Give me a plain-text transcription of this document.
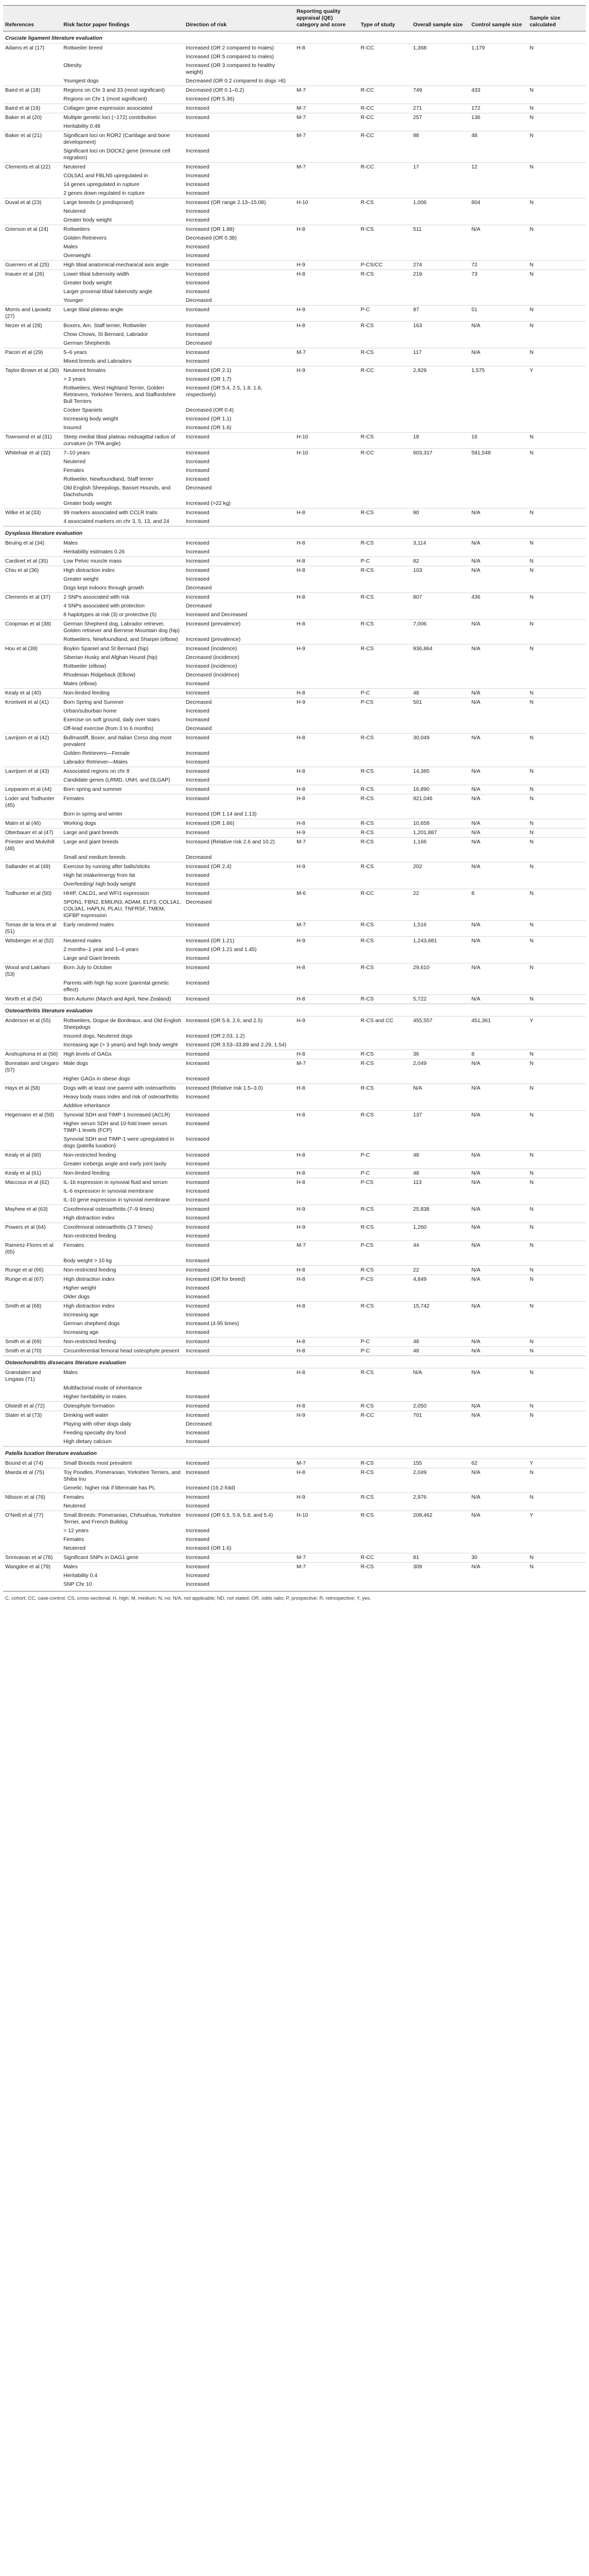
References	Risk factor paper findings	Direction of risk	Reporting quality appraisal (QE) category and score	Type of study	Overall sample size	Control sample size	Sample size calculated
Cruciate ligament literature evaluation							
Adams et al (17)	Rottweiler breed	Increased (OR 2 compared to males)	H-8	R-CC	1,368	1,179	N
		Increased (OR 5 compared to males)					
	Obesity	Increased (OR 3 compared to healthy weight)					
	Youngest dogs	Decreased (OR 0.2 compared to dogs >8)					
Baird et al (18)	Regions on Chr 3 and 33 (most significant)	Decreased (OR 0.1–0.2)	M-7	R-CC	749	433	N
	Regions on Chr 1 (most significant)	Increased (OR 5.36)					
Baird et al (19)	Collagen gene expression associated	Increased	M-7	R-CC	271	172	N
Baker et al (20)	Multiple genetic loci (~172) contribution	Increased	M-7	R-CC	257	136	N
	Heritability 0.48						
Baker et al (21)	Significant loci on ROR2 (Cartilage and bone development)	Increased	M-7	R-CC	98	48	N
	Significant loci on DOCK2 gene (immune cell migration)	Increased					
Clements et al (22)	Neutered	Increased	M-7	R-CC	17	12	N
	COL5A1 and FBLN5 upregulated in	Increased					
	14 genes upregulated in rupture	Increased					
	2 genes down regulated in rupture	Increased					
Duval et al (23)	Large breeds (≥ predisposed)	Increased (OR range 2.13–15.08)	H-10	R-CS	1,006	804	N
	Neutered	Increased					
	Greater body weight	Increased					
Grierson et al (24)	Rottweilers	Increased (OR 1.88)	H-8	R-CS	511	N/A	N
	Golden Retrievers	Decreased (OR 0.38)					
	Males	Increased					
	Overweight	Increased					
Guerrero et al (25)	High tibial anatomical-mechanical axis angle	Increased	H-9	P-CS/CC	274	72	N
Inauen et al (26)	Lower tibial tuberosity width	Increased	H-8	R-CS	219	73	N
	Greater body weight	Increased					
	Larger proximal tibial tuberosity angle	Increased					
	Younger	Decreased					
Morris and Lipowitz (27)	Large tibial plateau angle	Increased	H-9	P-C	97	51	N
Nezer et al (28)	Boxers, Am. Staff terrier, Rottweiler	Increased	H-8	R-CS	163	N/A	N
	Chow Chows, St Bernard, Labrador	Increased					
	German Shepherds	Decreased					
Pacori et al (29)	5–6 years	Increased	M-7	R-CS	117	N/A	N
	Mixed breeds and Labradors	Increased					
Taylor-Brown et al (30)	Neutered females	Increased (OR 2.1)	H-9	R-CC	2,929	1,575	Y
	> 3 years	Increased (OR 1.7)					
	Rottweilers, West Highland Terrier, Golden Retrievers, Yorkshire Terriers, and Staffordshire Bull Terriers	Increased (OR 5.4, 2.5, 1.8, 1.8, respectively)					
	Cocker Spaniels	Decreased (OR 0.4)					
	Increasing body weight	Increased (OR 1.1)					
	Insured	Increased (OR 1.6)					
Townsend et al (31)	Steep medial tibial plateau midsagittal radius of curvature (in TPA angle)	Increased	H-10	R-CS	18	16	N
Whitehair et al (32)	7–10 years	Increased	H-10	R-CC	603,317	591,548	N
	Neutered	Increased					
	Females	Increased					
	Rottweiler, Newfoundland, Staff terrier	Increased					
	Old English Sheepdogs, Basset Hounds, and Dachshunds	Decreased					
	Greater body weight	Increased (>22 kg)					
Wilke et al (33)	99 markers associated with CCLR traits	Increased	H-8	R-CS	90	N/A	N
	4 associated markers on chr 3, 5, 13, and 24	Increased					
Dysplasia literature evaluation							
Beuing et al (34)	Males	Increased	H-8	R-CS	3,114	N/A	N
	Heritability estimates 0.26	Increased					
Cardinet et al (35)	Low Pelvic muscle mass	Increased	H-8	P-C	82	N/A	N
Chiu et al (36)	High distraction index	Increased	H-8	R-CS	103	N/A	N
	Greater weight	Increased					
	Dogs kept indoors through growth	Decreased					
Clements et al (37)	2 SNPs associated with risk	Increased	H-8	R-CS	807	436	N
	4 SNPs associated with protection	Decreased					
	8 haplotypes at risk (3) or protective (5)	Increased and Decreased					
Coopman et al (38)	German Shepherd dog, Labrador retriever, Golden retriever and Bernese Mountain dog (hip)	Increased (prevalence)	H-8	R-CS	7,006	N/A	N
	Rottweilers, Newfoundland, and Sharpei (elbow)	Increased (prevalence)					
Hou et al (39)	Boykin Spaniel and St Bernard (hip)	Increased (incidence)	H-9	R-CS	936,864	N/A	N
	Siberian Husky and Afghan Hound (hip)	Decreased (incidence)					
	Rottweiler (elbow)	Increased (incidence)					
	Rhodesian Ridgeback (Elbow)	Decreased (incidence)					
	Males (elbow)	Increased					
Kealy et al (40)	Non-limited feeding	Increased	H-8	P-C	48	N/A	N
Krontveit et al (41)	Born Spring and Summer	Decreased	H-9	P-CS	501	N/A	N
	Urban/suburban home	Increased					
	Exercise on soft ground, daily over stairs	Increased					
	Off-lead exercise (from 3 to 6 months)	Decreased					
Lavrijsen et al (42)	Bullmastiff, Boxer, and Italian Corso dog most prevalent	Increased	H-8	R-CS	30,049	N/A	N
	Golden Retrievers—Female	Increased					
	Labrador Retriever—Males	Increased					
Lavrijsen et al (43)	Associated regions on chr 8	Increased	H-8	R-CS	14,385	N/A	N
	Candidate genes (LRMD, UNH, and DLGAP)	Increased					
Leppanen et al (44)	Born spring and summer	Increased	H-8	R-CS	16,890	N/A	N
Loder and Todhunter (45)	Females	Increased	H-8	R-CS	921,046	N/A	N
	Born in spring and winter	Increased (OR 1.14 and 1.13)					
Malm et al (46)	Working dogs	Increased (OR 1.66)	H-8	R-CS	10,659	N/A	N
Oberbauer et al (47)	Large and giant breeds	Increased	H-9	R-CS	1,201,887	N/A	N
Priester and Mulvihill (48)	Large and giant breeds	Increased (Relative risk 2.6 and 10.2)	M-7	R-CS	1,166	N/A	N
	Small and medium breeds	Decreased					
Sallander et al (49)	Exercise by running after balls/sticks	Increased (OR 2.4)	H-9	R-CS	202	N/A	N
	High fat intake/energy from fat	Increased					
	Overfeeding/ high body weight	Increased					
Todhunter et al (50)	HHIP, CALD1, and WFI1 expression	Increased	M-6	R-CC	22	8	N
	SPON1, FBN2, EMILIN3, ADAM, ELF3, COL1A1, COL3A1, HAPLN, PLAU, TNFRSF, TMEM, IGFBP expression	Decreased					
Tomas de la Iera et al (51)	Early neutered males	Increased	M-7	R-CS	1,516	N/A	N
Witsberger et al (52)	Neutered males	Increased (OR 1.21)	H-9	R-CS	1,243,681	N/A	N
	2 months–1 year and 1–4 years	Increased (OR 1.21 and 1.45)					
	Large and Giant breeds	Increased					
Wood and Lakhani (53)	Born July to October	Increased	H-8	R-CS	29,610	N/A	N
	Parents with high hip score (parental genetic effect)	Increased					
Worth et al (54)	Born Autumn (March and April, New Zealand)	Increased	H-8	R-CS	5,722	N/A	N
Osteoarthritis literature evaluation							
Anderson et al (55)	Rottweilers, Dogue de Bordeaux, and Old English Sheepdogs	Increased (OR 5.8, 2.6, and 2.5)	H-9	R-CS and CC	455,557	451,361	Y
	Insured dogs, Neutered dogs	Increased (OR 2.03, 1.2)					
	Increasing age (> 3 years) and high body weight	Increased (OR 3.53–33.89 and 2.29, 1.54)					
Anshuphona et al (56)	High levels of GAGs	Increased	H-8	R-CS	36	8	N
Bonnatain and Ungaro (57)	Male dogs	Increased	M-7	R-CS	2,049	N/A	N
	Higher GAGs in obese dogs	Increased					
Hays et al (58)	Dogs with at least one parent with osteoarthritis	Increased (Relative risk 1.5–3.0)	H-8	R-CS	N/A	N/A	N
	Heavy body mass index and risk of osteoarthritis	Increased					
	Additive inheritance						
Hegemann et al (59)	Synovial SDH and TIMP-1 Increased (ACLR)	Increased	H-8	R-CS	137	N/A	N
	Higher serum SDH and 10-fold lower serum TIMP-1 levels (FCP)	Increased					
	Synovial SDH and TIMP-1 were upregulated in dogs (patella luxation)	Increased					
Kealy et al (60)	Non-restricted feeding	Increased	H-8	P-C	48	N/A	N
	Greater icebergs angle and early joint laxity	Increased					
Kealy et al (61)	Non-limited feeding	Increased	H-8	P-C	48	N/A	N
Maccoux et al (62)	IL-1b expression in synovial fluid and serum	Increased	H-8	P-CS	113	N/A	N
	IL-6 expression in synovial membrane	Increased					
	IL-10 gene expression in synovial membrane	Increased					
Mayhew et al (63)	Coxofemoral osteoarthritis (7–9 times)	Increased	H-9	R-CS	25,838	N/A	N
	High distraction index	Increased					
Powers et al (64)	Coxofemoral osteoarthritis (3.7 times)	Increased	H-9	R-CS	1,260	N/A	N
	Non-restricted feeding	Increased					
Ramirez-Flores et al (65)	Females	Increased	M-7	P-CS	44	N/A	N
	Body weight > 10 kg	Increased					
Runge et al (66)	Non-restricted feeding	Increased	H-8	R-CS	22	N/A	N
Runge et al (67)	High distraction index	Increased (OR for breed)	H-8	P-CS	4,849	N/A	N
	Higher weight	Increased					
	Older dogs	Increased					
Smith et al (68)	High distraction index	Increased	H-8	R-CS	15,742	N/A	N
	Increasing age	Increased					
	German shepherd dogs	Increased (4.95 times)					
	Increasing age	Increased					
Smith et al (69)	Non-restricted feeding	Increased	H-8	P-C	48	N/A	N
Smith et al (70)	Circumferential femoral head osteophyte present	Increased	H-8	P-C	48	N/A	N
Osteochondritis dissecans literature evaluation							
Grøndalen and Lingaas (71)	Males	Increased	H-8	R-CS	N/A	N/A	N
	Multifactorial mode of inheritance						
	Higher heritability in males	Increased					
Olstedt et al (72)	Osteophyte formation	Increased	H-8	R-CS	2,050	N/A	N
Slater et al (73)	Drinking well water	Increased	H-9	R-CC	701	N/A	N
	Playing with other dogs daily	Decreased					
	Feeding specialty dry food	Increased					
	High dietary calcium	Increased					
Patella luxation literature evaluation							
Bound et al (74)	Small Breeds most prevalent	Increased	M-7	R-CS	155	62	Y
Maeda et al (75)	Toy Poodles, Pomeranian, Yorkshire Terriers, and Shiba Inu	Increased	H-8	R-CS	2,049	N/A	N
	Genetic: higher risk if littermate has PL	Increased (16.2-fold)					
Nilsson et al (76)	Females	Increased	H-9	R-CS	2,976	N/A	N
	Neutered	Increased					
O'Neill et al (77)	Small Breeds: Pomeranian, Chihuahua, Yorkshire Terrier, and French Bulldog	Increased (OR 6.5, 5.9, 5.8, and 5.4)	H-10	R-CS	208,462	N/A	Y
	> 12 years	Increased					
	Females	Increased					
	Neutered	Increased (OR 1.6)					
Srinivasan et al (78)	Significant SNPs in DAG1 gene	Increased	M-7	R-CC	81	30	N
Wangdee et al (79)	Males	Increased	M-7	R-CS	309	N/A	N
	Heritability 0.4	Increased					
	SNP Chr 10	Increased					
C, cohort; CC, case-control; CS, cross-sectional; H, high; M, medium; N, no; N/A, not applicable; ND, not stated; OR, odds ratio; P, prospective; R, retrospective; Y, yes.
